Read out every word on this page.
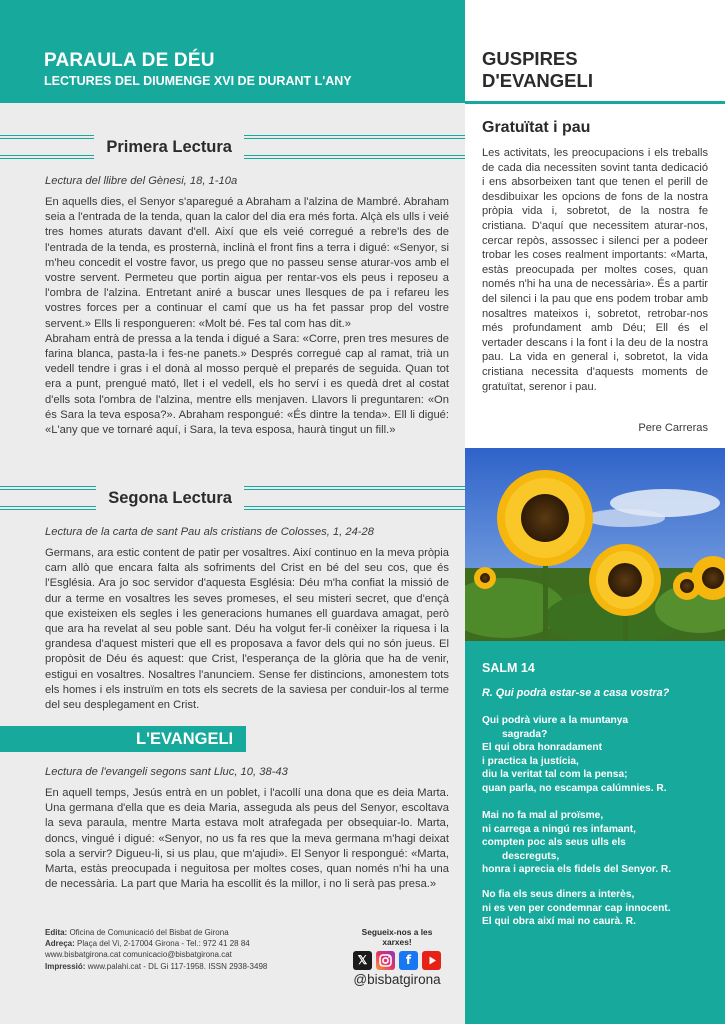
PARAULA DE DÉU
LECTURES DEL DIUMENGE XVI DE DURANT L'ANY
Primera Lectura
Lectura del llibre del Gènesi, 18, 1-10a

En aquells dies, el Senyor s'aparegué a Abraham a l'alzina de Mambré. Abraham seia a l'entrada de la tenda, quan la calor del dia era més forta. Alçà els ulls i veié tres homes aturats davant d'ell. Així que els veié corregué a rebre'ls des de l'entrada de la tenda, es prosternà, inclinà el front fins a terra i digué: «Senyor, si m'heu concedit el vostre favor, us prego que no passeu sense aturar-vos amb el vostre servent. Permeteu que portin aigua per rentar-vos els peus i reposeu a l'ombra de l'alzina. Entretant aniré a buscar unes llesques de pa i refareu les vostres forces per a continuar el camí que us ha fet passar prop del vostre servent.» Ells li respongueren: «Molt bé. Fes tal com has dit.»

Abraham entrà de pressa a la tenda i digué a Sara: «Corre, pren tres mesures de farina blanca, pasta-la i fes-ne panets.» Després corregué cap al ramat, trià un vedell tendre i gras i el donà al mosso perquè el preparés de seguida. Quan tot era a punt, prengué mató, llet i el vedell, els ho serví i es quedà dret al costat d'ells sota l'ombra de l'alzina, mentre ells menjaven. Llavors li preguntaren: «On és Sara la teva esposa?». Abraham respongué: «És dintre la tenda». Ell li digué: «L'any que ve tornaré aquí, i Sara, la teva esposa, haurà tingut un fill.»

Segona Lectura
Lectura de la carta de sant Pau als cristians de Colosses, 1, 24-28

Germans, ara estic content de patir per vosaltres. Així continuo en la meva pròpia carn allò que encara falta als sofriments del Crist en bé del seu cos, que és l'Església. Ara jo soc servidor d'aquesta Església: Déu m'ha confiat la missió de dur a terme en vosaltres les seves promeses, el seu misteri secret, que d'ençà que existeixen els segles i les generacions humanes ell guardava amagat, però que ara ha revelat al seu poble sant. Déu ha volgut fer-li conèixer la riquesa i la grandesa d'aquest misteri que ell es proposava a favor dels qui no són jueus. El propòsit de Déu és aquest: que Crist, l'esperança de la glòria que ha de venir, estigui en vosaltres. Nosaltres l'anunciem. Sense fer distincions, amonestem tots els homes i els instruïm en tots els secrets de la saviesa per conduir-los al terme del seu desplegament en Crist.

L'EVANGELI
Lectura de l'evangeli segons sant Lluc, 10, 38-43

En aquell temps, Jesús entrà en un poblet, i l'acollí una dona que es deia Marta. Una germana d'ella que es deia Maria, asseguda als peus del Senyor, escoltava la seva paraula, mentre Marta estava molt atrafegada per obsequiar-lo. Marta, doncs, vingué i digué: «Senyor, no us fa res que la meva germana m'hagi deixat sola a servir? Digueu-li, si us plau, que m'ajudi». El Senyor li respongué: «Marta, Marta, estàs preocupada i neguitosa per moltes coses, quan només n'hi ha una de necessària. La part que Maria ha escollit és la millor, i no li serà pas presa.»

Edita: Oficina de Comunicació del Bisbat de Girona
Adreça: Plaça del Vi, 2-17004 Girona - Tel.: 972 41 28 84
www.bisbatgirona.cat comunicacio@bisbatgirona.cat
Impressió: www.palahi.cat - DL Gi 117-1958. ISSN 2938-3498
Segueix-nos a les xarxes!
𝕏	f
@bisbatgirona
GUSPIRES
D'EVANGELI
Gratuïtat i pau
Les activitats, les preocupacions i els treballs de cada dia necessiten sovint tanta dedicació i ens absorbeixen tant que tenen el perill de desdibuixar les opcions de fons de la nostra pròpia vida i, sobretot, de la nostra fe cristiana. D'aquí que necessitem aturar-nos, cercar repòs, assossec i silenci per a podeer trobar les coses realment importants: «Marta, estàs preocupada per moltes coses, quan només n'hi ha una de necessària». És a partir del silenci i la pau que ens podem trobar amb nosaltres mateixos i, sobretot, retrobar-nos més profundament amb Déu; Ell és el vertader descans i la font i la deu de la nostra pau. La vida en general i, sobretot, la vida cristiana necessita d'aquests moments de gratuïtat, serenor i pau.
Pere Carreras
SALM 14
R. Qui podrà estar-se a casa vostra?
Qui podrà viure a la muntanya
sagrada?
El qui obra honradament
i practica la justícia,
diu la veritat tal com la pensa;
quan parla, no escampa calúmnies. R.
Mai no fa mal al proïsme,
ni carrega a ningú res infamant,
compten poc als seus ulls els
descreguts,
honra i aprecia els fidels del Senyor. R.
No fia els seus diners a interès,
ni es ven per condemnar cap innocent.
El qui obra així mai no caurà. R.
